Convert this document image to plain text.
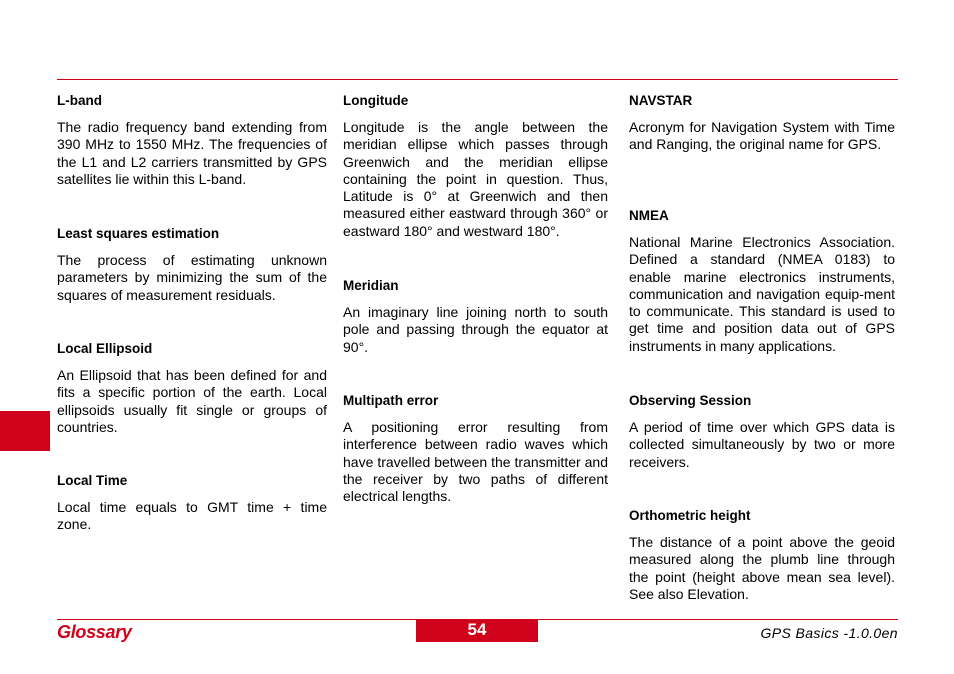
L-band

The radio frequency band extending from 390 MHz to 1550 MHz. The frequencies of the L1 and L2 carriers transmitted by GPS satellites lie within this L-band.

Least squares estimation

The process of estimating unknown parameters by minimizing the sum of the squares of measurement residuals.

Local Ellipsoid

An Ellipsoid that has been defined for and fits a specific portion of the earth. Local ellipsoids usually fit single or groups of countries.

Local Time

Local time equals to GMT time + time zone.

Longitude

Longitude is the angle between the meridian ellipse which passes through Greenwich and the meridian ellipse containing the point in question. Thus, Latitude is 0° at Greenwich and then measured either eastward through 360° or eastward 180° and westward 180°.

Meridian

An imaginary line joining north to south pole and passing through the equator at 90°.

Multipath error

A positioning error resulting from interference between radio waves which have travelled between the transmitter and the receiver by two paths of different electrical lengths.

NAVSTAR

Acronym for Navigation System with Time and Ranging, the original name for GPS.

NMEA

National Marine Electronics Association. Defined a standard (NMEA 0183) to enable marine electronics instruments, communication and navigation equip-ment to communicate. This standard is used to get time and position data out of GPS instruments in many applications.

Observing Session

A period of time over which GPS data is collected simultaneously by two or more receivers.

Orthometric height

The distance of a point above the geoid measured along the plumb line through the point (height above mean sea level). See also Elevation.

Glossary	54	GPS Basics -1.0.0en
